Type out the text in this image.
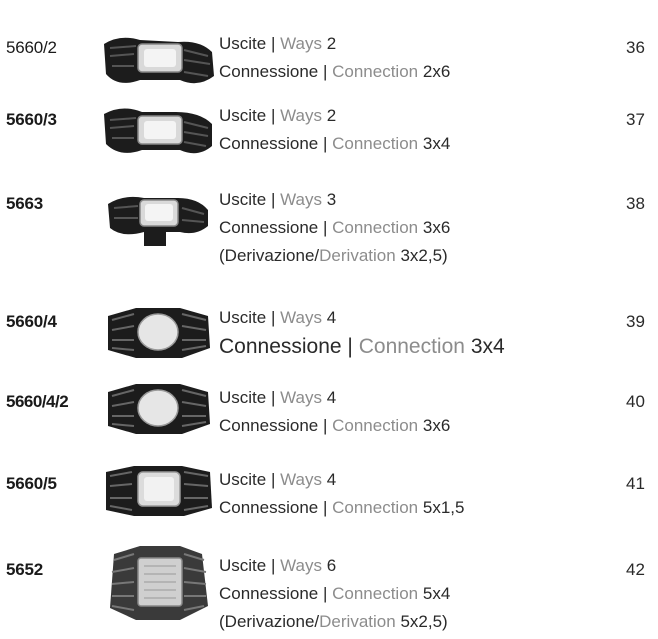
5660/2	Uscite | Ways 2
Connessione | Connection 2x6
36
5660/3	Uscite | Ways 2
Connessione | Connection 3x4
37
5663	Uscite | Ways 3
Connessione | Connection 3x6
(Derivazione/Derivation 3x2,5)
38
5660/4	Uscite | Ways 4
Connessione | Connection 3x4
39
5660/4/2	Uscite | Ways 4
Connessione | Connection 3x6
40
5660/5	Uscite | Ways 4
Connessione | Connection 5x1,5
41
5652	Uscite | Ways 6
Connessione | Connection 5x4
(Derivazione/Derivation 5x2,5)
42
